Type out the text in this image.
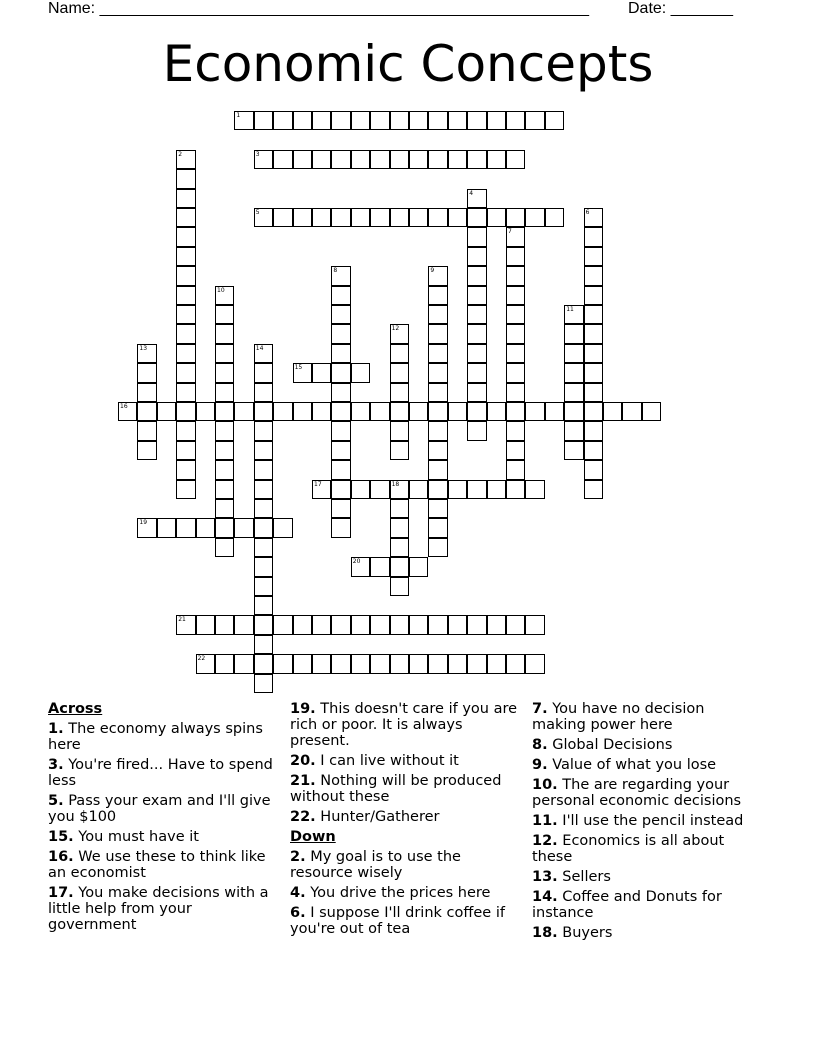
Name: _______________________________________________________ Date: _______
Economic Concepts
1
2	3
4
5	6
7
8	9
10
11
12
13	14
15
16
17	18
19
20
21
22
Across
1. The economy always spins here
3. You're fired... Have to spend less
5. Pass your exam and I'll give you $100
15. You must have it
16. We use these to think like an economist
17. You make decisions with a little help from your government
19. This doesn't care if you are rich or poor. It is always present.
20. I can live without it
21. Nothing will be produced without these
22. Hunter/Gatherer
Down
2. My goal is to use the resource wisely
4. You drive the prices here
6. I suppose I'll drink coffee if you're out of tea
7. You have no decision making power here
8. Global Decisions
9. Value of what you lose
10. The are regarding your personal economic decisions
11. I'll use the pencil instead
12. Economics is all about these
13. Sellers
14. Coffee and Donuts for instance
18. Buyers
